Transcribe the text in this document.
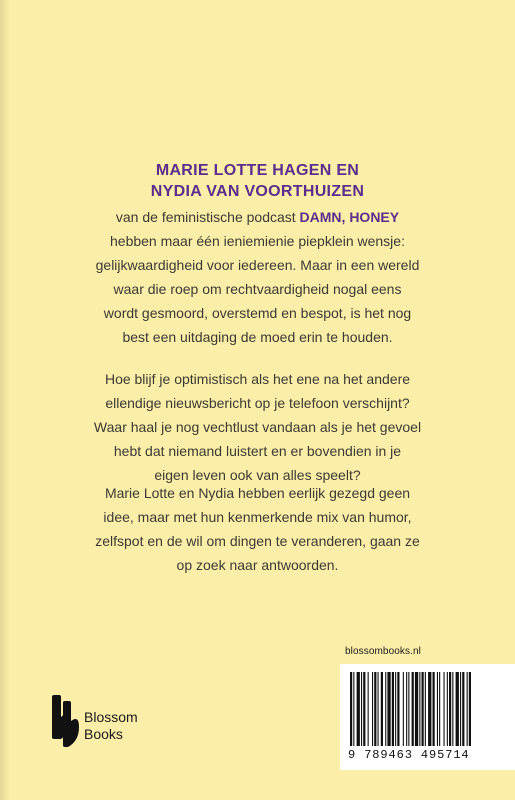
MARIE LOTTE HAGEN EN
NYDIA VAN VOORTHUIZEN
van de feministische podcast DAMN, HONEY
hebben maar één ieniemienie piepklein wensje:
gelijkwaardigheid voor iedereen. Maar in een wereld
waar die roep om rechtvaardigheid nogal eens
wordt gesmoord, overstemd en bespot, is het nog
best een uitdaging de moed erin te houden.
Hoe blijf je optimistisch als het ene na het andere
ellendige nieuwsbericht op je telefoon verschijnt?
Waar haal je nog vechtlust vandaan als je het gevoel
hebt dat niemand luistert en er bovendien in je
eigen leven ook van alles speelt?
Marie Lotte en Nydia hebben eerlijk gezegd geen
idee, maar met hun kenmerkende mix van humor,
zelfspot en de wil om dingen te veranderen, gaan ze
op zoek naar antwoorden.
Blossom
Books
blossombooks.nl
9 789463 495714
